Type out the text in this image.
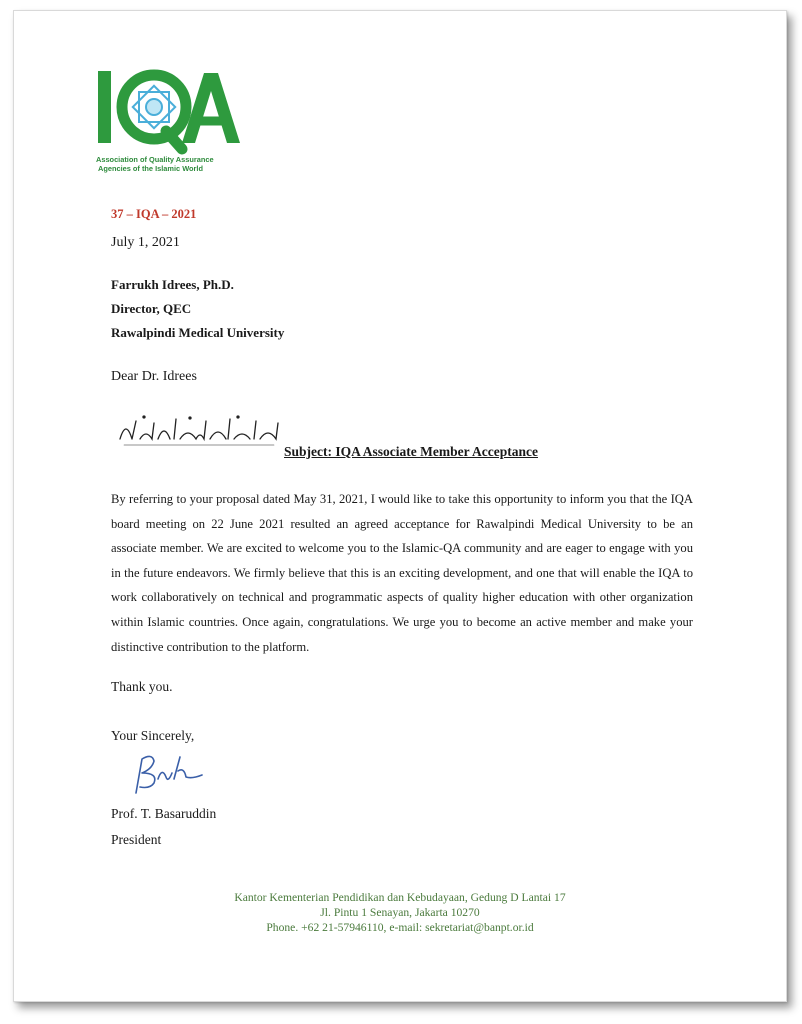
Association of Quality Assurance
Agencies of the Islamic World
37 – IQA – 2021
July 1, 2021
Farrukh Idrees, Ph.D.
Director, QEC
Rawalpindi Medical University
Dear Dr. Idrees
Subject: IQA Associate Member Acceptance
By referring to your proposal dated May 31, 2021, I would like to take this opportunity to inform you that the IQA board meeting on 22 June 2021 resulted an agreed acceptance for Rawalpindi Medical University to be an associate member. We are excited to welcome you to the Islamic-QA community and are eager to engage with you in the future endeavors. We firmly believe that this is an exciting development, and one that will enable the IQA to work collaboratively on technical and programmatic aspects of quality higher education with other organization within Islamic countries. Once again, congratulations. We urge you to become an active member and make your distinctive contribution to the platform.
Thank you.
Your Sincerely,
Prof. T. Basaruddin
President
Kantor Kementerian Pendidikan dan Kebudayaan, Gedung D Lantai 17
Jl. Pintu 1 Senayan, Jakarta 10270
Phone. +62 21-57946110, e-mail: sekretariat@banpt.or.id
